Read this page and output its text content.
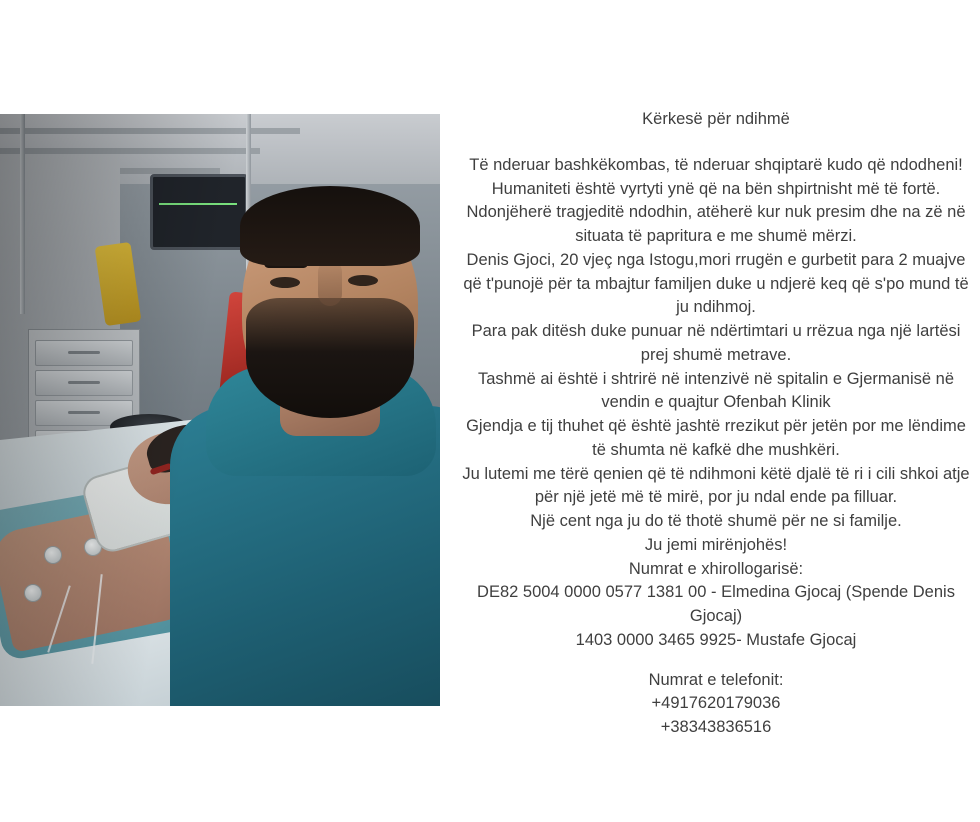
Kërkesë për ndihmë

Të nderuar bashkëkombas, të nderuar shqiptarë kudo që ndodheni!

Humaniteti është vyrtyti ynë që na bën shpirtnisht më të fortë.

Ndonjëherë tragjeditë ndodhin, atëherë kur nuk presim dhe na zë në situata të papritura e me shumë mërzi.

Denis Gjoci, 20 vjeç nga Istogu,mori rrugën e gurbetit para 2 muajve që t'punojë për ta mbajtur familjen duke u ndjerë keq që s'po mund të ju ndihmoj.

Para pak ditësh duke punuar në ndërtimtari u rrëzua nga një lartësi prej shumë metrave.

Tashmë ai është i shtrirë në intenzivë në spitalin e Gjermanisë në vendin e quajtur Ofenbah Klinik

Gjendja e tij thuhet që është jashtë rrezikut për jetën por me lëndime të shumta në kafkë dhe mushkëri.

Ju lutemi me tërë qenien që të ndihmoni këtë djalë të ri i cili shkoi atje për një jetë më të mirë, por ju ndal ende pa filluar.

Një cent nga ju do të thotë shumë për ne si familje.

Ju jemi mirënjohës!

Numrat e xhirollogarisë:

DE82 5004 0000 0577 1381 00 - Elmedina Gjocaj (Spende Denis Gjocaj)

1403 0000 3465 9925- Mustafe Gjocaj

Numrat e telefonit:

+4917620179036

+38343836516
